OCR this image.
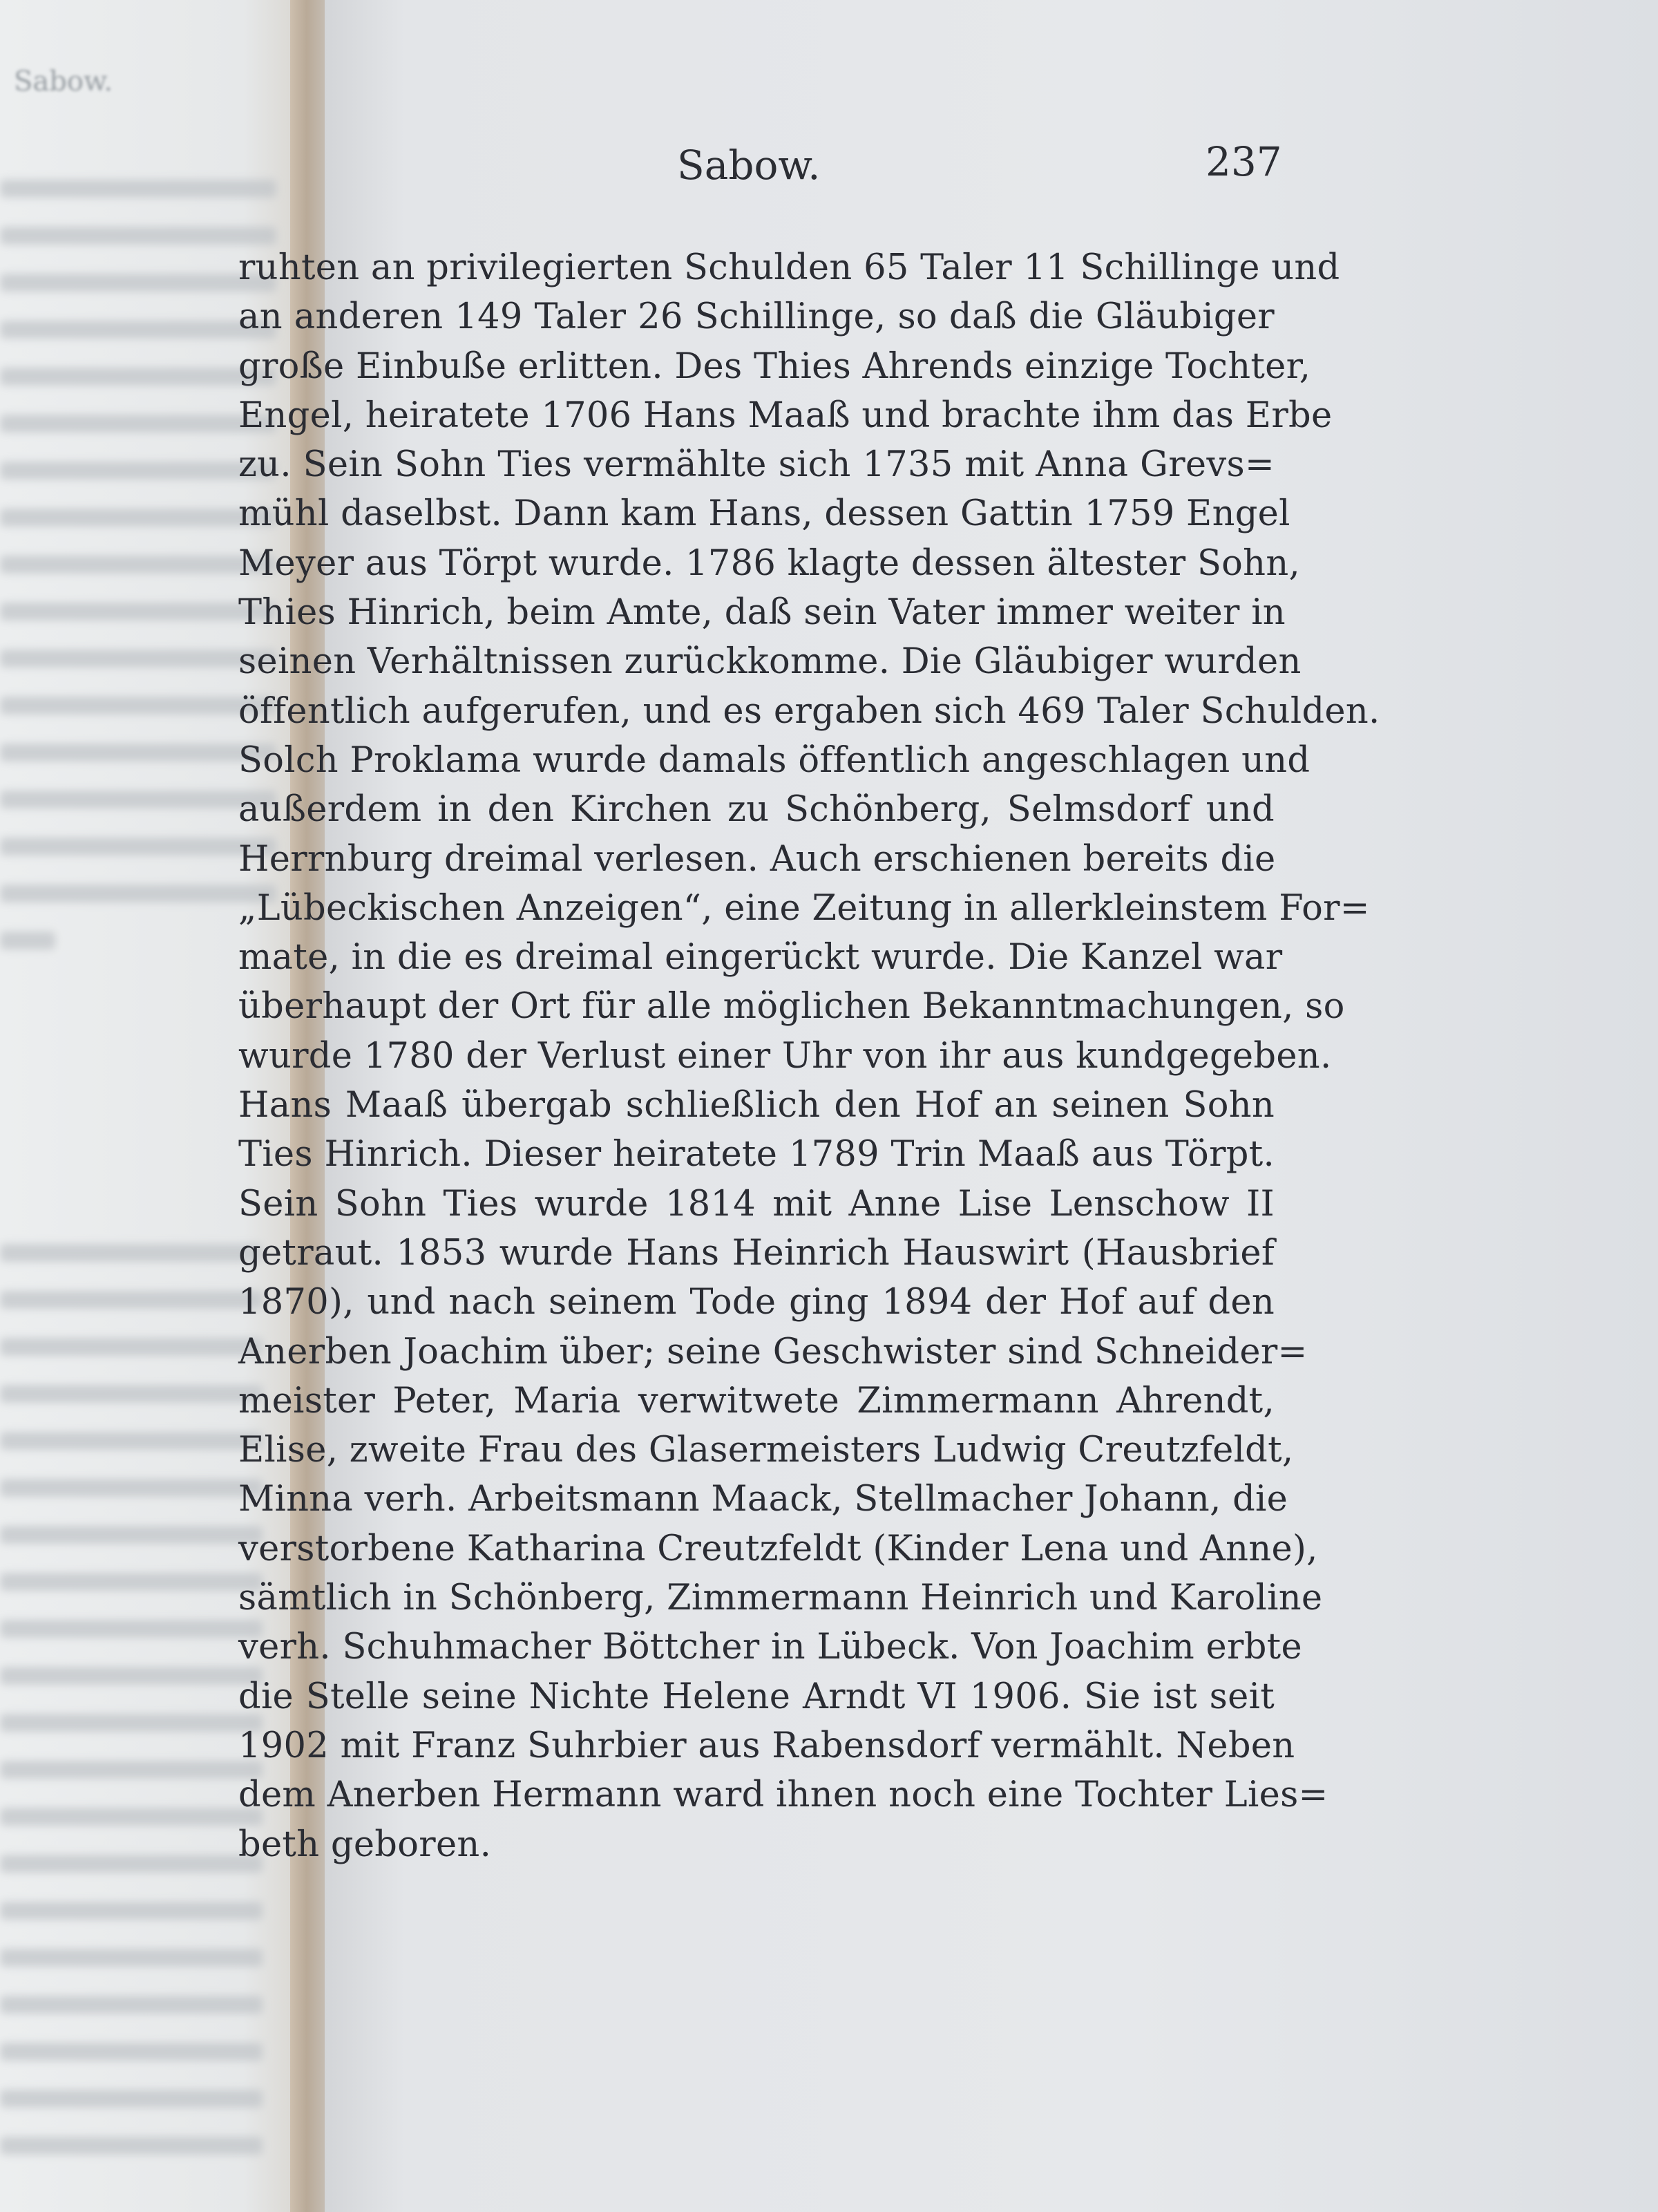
Sabow.
Sabow.	237
ruhten an privilegierten Schulden 65 Taler 11 Schillinge und
an anderen 149 Taler 26 Schillinge, so daß die Gläubiger
große Einbuße erlitten. Des Thies Ahrends einzige Tochter,
Engel, heiratete 1706 Hans Maaß und brachte ihm das Erbe
zu. Sein Sohn Ties vermählte sich 1735 mit Anna Grevs=
mühl daselbst. Dann kam Hans, dessen Gattin 1759 Engel
Meyer aus Törpt wurde. 1786 klagte dessen ältester Sohn,
Thies Hinrich, beim Amte, daß sein Vater immer weiter in
seinen Verhältnissen zurückkomme. Die Gläubiger wurden
öffentlich aufgerufen, und es ergaben sich 469 Taler Schulden.
Solch Proklama wurde damals öffentlich angeschlagen und
außerdem in den Kirchen zu Schönberg, Selmsdorf und
Herrnburg dreimal verlesen. Auch erschienen bereits die
„Lübeckischen Anzeigen“, eine Zeitung in allerkleinstem For=
mate, in die es dreimal eingerückt wurde. Die Kanzel war
überhaupt der Ort für alle möglichen Bekanntmachungen, so
wurde 1780 der Verlust einer Uhr von ihr aus kundgegeben.
Hans Maaß übergab schließlich den Hof an seinen Sohn
Ties Hinrich. Dieser heiratete 1789 Trin Maaß aus Törpt.
Sein Sohn Ties wurde 1814 mit Anne Lise Lenschow II
getraut. 1853 wurde Hans Heinrich Hauswirt (Hausbrief
1870), und nach seinem Tode ging 1894 der Hof auf den
Anerben Joachim über; seine Geschwister sind Schneider=
meister Peter, Maria verwitwete Zimmermann Ahrendt,
Elise, zweite Frau des Glasermeisters Ludwig Creutzfeldt,
Minna verh. Arbeitsmann Maack, Stellmacher Johann, die
verstorbene Katharina Creutzfeldt (Kinder Lena und Anne),
sämtlich in Schönberg, Zimmermann Heinrich und Karoline
verh. Schuhmacher Böttcher in Lübeck. Von Joachim erbte
die Stelle seine Nichte Helene Arndt VI 1906. Sie ist seit
1902 mit Franz Suhrbier aus Rabensdorf vermählt. Neben
dem Anerben Hermann ward ihnen noch eine Tochter Lies=
beth geboren.
